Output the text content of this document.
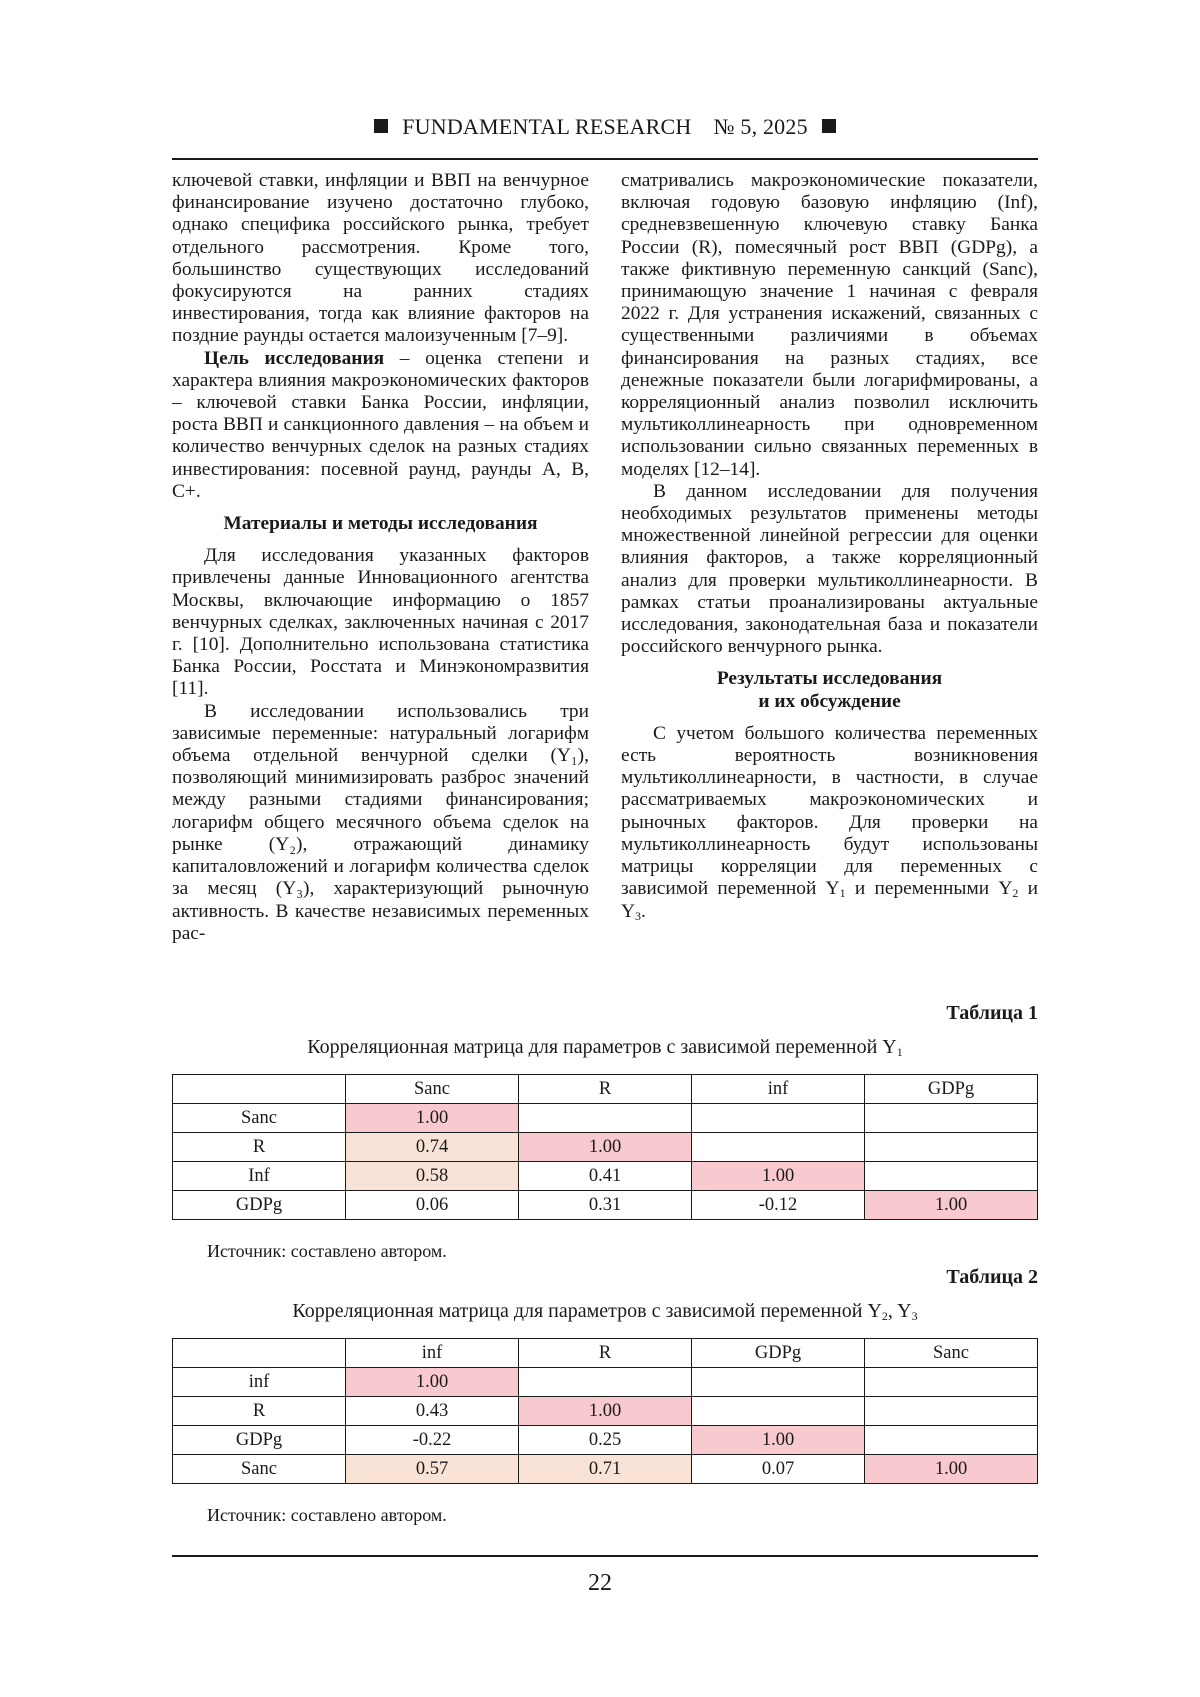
FUNDAMENTAL RESEARCH № 5, 2025

ключевой ставки, инфляции и ВВП на венчурное финансирование изучено достаточно глубоко, однако специфика российского рынка, требует отдельного рассмотрения. Кроме того, большинство существующих исследований фокусируются на ранних стадиях инвестирования, тогда как влияние факторов на поздние раунды остается малоизученным [7–9].

Цель исследования – оценка степени и характера влияния макроэкономических факторов – ключевой ставки Банка России, инфляции, роста ВВП и санкционного давления – на объем и количество венчурных сделок на разных стадиях инвестирования: посевной раунд, раунды А, В, С+.

Материалы и методы исследования

Для исследования указанных факторов привлечены данные Инновационного агентства Москвы, включающие информацию о 1857 венчурных сделках, заключенных начиная с 2017 г. [10]. Дополнительно использована статистика Банка России, Росстата и Минэкономразвития [11].

В исследовании использовались три зависимые переменные: натуральный логарифм объема отдельной венчурной сделки (Y₁), позволяющий минимизировать разброс значений между разными стадиями финансирования; логарифм общего месячного объема сделок на рынке (Y₂), отражающий динамику капиталовложений и логарифм количества сделок за месяц (Y₃), характеризующий рыночную активность. В качестве независимых переменных рас-

сматривались макроэкономические показатели, включая годовую базовую инфляцию (Inf), средневзвешенную ключевую ставку Банка России (R), помесячный рост ВВП (GDPg), а также фиктивную переменную санкций (Sanc), принимающую значение 1 начиная с февраля 2022 г. Для устранения искажений, связанных с существенными различиями в объемах финансирования на разных стадиях, все денежные показатели были логарифмированы, а корреляционный анализ позволил исключить мультиколлинеарность при одновременном использовании сильно связанных переменных в моделях [12–14].

В данном исследовании для получения необходимых результатов применены методы множественной линейной регрессии для оценки влияния факторов, а также корреляционный анализ для проверки мультиколлинеарности. В рамках статьи проанализированы актуальные исследования, законодательная база и показатели российского венчурного рынка.

Результаты исследования
и их обсуждение

С учетом большого количества переменных есть вероятность возникновения мультиколлинеарности, в частности, в случае рассматриваемых макроэкономических и рыночных факторов. Для проверки на мультиколлинеарность будут использованы матрицы корреляции для переменных с зависимой переменной $Y_1$ и переменными $Y_2$ и $Y_3$.

Таблица 1
Корреляционная матрица для параметров с зависимой переменной $Y_1$
	Sanc	R	inf	GDPg
Sanc	1.00			
R	0.74	1.00		
Inf	0.58	0.41	1.00	
GDPg	0.06	0.31	-0.12	1.00
Источник: составлено автором.
Таблица 2
Корреляционная матрица для параметров с зависимой переменной $Y_2$, $Y_3$
	inf	R	GDPg	Sanc
inf	1.00			
R	0.43	1.00		
GDPg	-0.22	0.25	1.00	
Sanc	0.57	0.71	0.07	1.00
Источник: составлено автором.
22
